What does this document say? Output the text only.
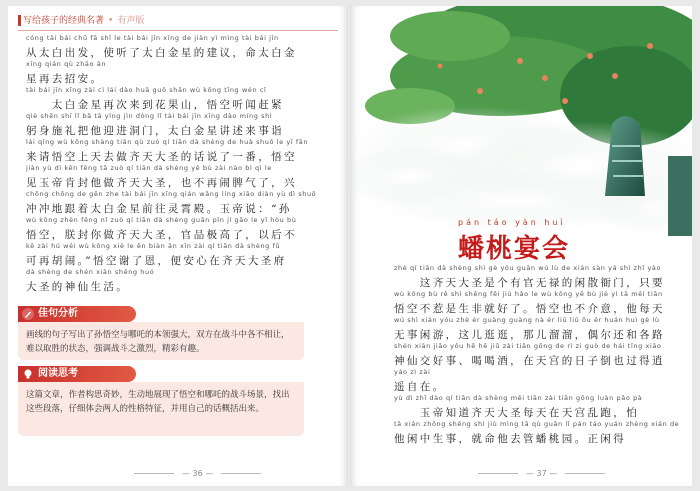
写给孩子的经典名著 • 有声版
cóng tài bái chū fā shǐ le tài bái jīn xīng de jiàn yì mìng tài bái jīn
从太白出发，使听了太白金星的建议，命太白金
xīng qián qù zhāo ān
星再去招安。
tài bái jīn xīng zài cì lái dào huā guǒ shān wù kōng tīng wén cǐ
　　太白金星再次来到花果山，悟空听闻赶紧
qiè shēn shī lǐ bǎ tā yíng jìn dòng lǐ tài bái jīn xīng dào míng shì
躬身施礼把他迎进洞门，太白金星讲述来事诣
lái qǐng wù kōng shàng tiān qù zuò qí tiān dà shèng de huà shuō le yī fān
来请悟空上天去做齐天大圣的话说了一番，悟空
jiàn yù dì kěn fēng tā zuò qí tiān dà shèng yě bù zài nào bì qì le
见玉帝肯封他做齐天大圣，也不再闹脾气了，兴
chōng chōng de gēn zhe tài bái jīn xīng qián wǎng líng xiāo diàn yù dì shuō
冲冲地跟着太白金星前往灵霄殿。玉帝说：“孙
wù kōng zhèn fēng nǐ zuò qí tiān dà shèng guān pǐn jí gāo le yǐ hòu bù
悟空，朕封你做齐天大圣，官品极高了，以后不
kě zài hú wéi wù kōng xiè le ēn biàn ān xīn zài qí tiān dà shèng fǔ
可再胡闹。”悟空谢了恩，便安心在齐天大圣府
dà shèng de shén xiān shēng huó
大圣的神仙生活。
佳句分析
画线的句子写出了孙悟空与哪吒的本领强大，双方在战斗中各不相让，难以取胜的状态，强调战斗之激烈，精彩有趣。
阅读思考
这篇文章，作者构思奇妙，生动地展现了悟空和哪吒的战斗场景，找出这些段落，仔细体会两人的性格特征，并用自己的话概括出来。
— 36 —
pán táo yàn huì
蟠桃宴会
zhè qí tiān dà shèng shì gè yǒu guān wú lù de xián sàn yá shì zhǐ yào
　　这齐天大圣是个有官无禄的闲散衙门，只要
wù kōng bù rě shì shēng fēi jiù hǎo le wù kōng yě bù jiè yì tā měi tiān
悟空不惹是生非就好了。悟空也不介意，他每天
wú shì xián yóu zhè ér guàng guàng nà ér liū liū ǒu ěr huán huì gè lù
无事闲游，这儿逛逛，那儿溜溜，偶尔还和各路
shén xiān jiāo yǒu hē hē jiǔ zài tiān gōng de rì zi guò de hái tǐng xiāo
神仙交好事、喝喝酒，在天宫的日子倒也过得逍
yáo zì zài
遥自在。
yù dì zhī dào qí tiān dà shèng měi tiān zài tiān gōng luàn pǎo pà
　　玉帝知道齐天大圣每天在天宫乱跑，怕
tā xián zhōng shēng shì jiù mìng tā qù guǎn lǐ pán táo yuán zhèng xián de
他闲中生事，就命他去管蟠桃园。正闲得
— 37 —
